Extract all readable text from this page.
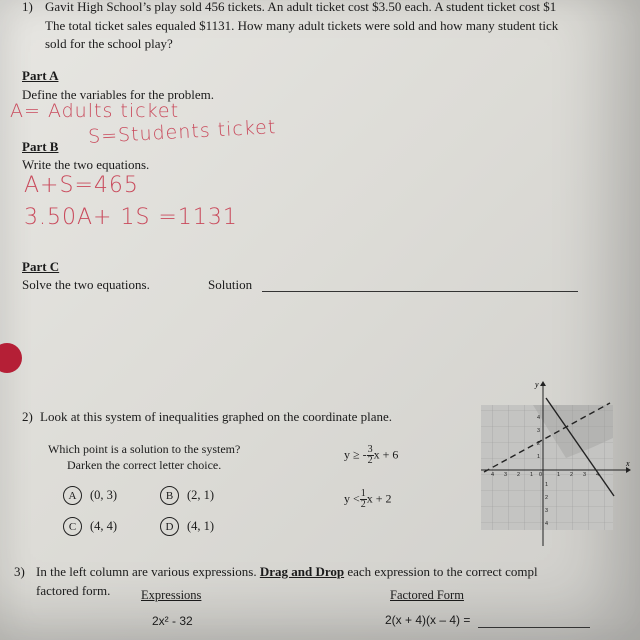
1) Gavit High School’s play sold 456 tickets. An adult ticket cost $3.50 each. A student ticket cost $1
The total ticket sales equaled $1131. How many adult tickets were sold and how many student tick
sold for the school play?
Part A
Define the variables for the problem.
A= Adults ticket
S=Students ticket
Part B
Write the two equations.
A+S=465
3.50A+ 1S =1131
Part C
Solve the two equations.	Solution
2) Look at this system of inequalities graphed on the coordinate plane.
Which point is a solution to the system?
Darken the correct letter choice.
y ≥ - $\frac{3}{2}$ x + 6
$y < \frac{1}{2}$ x + 2
A	(0, 3)	B	(2, 1)
C	(4, 4)	D	(4, 1)
x
y
4 3 2 1 0	1 2 3 4
4
3
2
1
1
2
3
4
3) In the left column are various expressions. Drag and Drop each expression to the correct compl
factored form. Expressions	Factored Form
2x² - 32	2(x + 4)(x – 4) =
